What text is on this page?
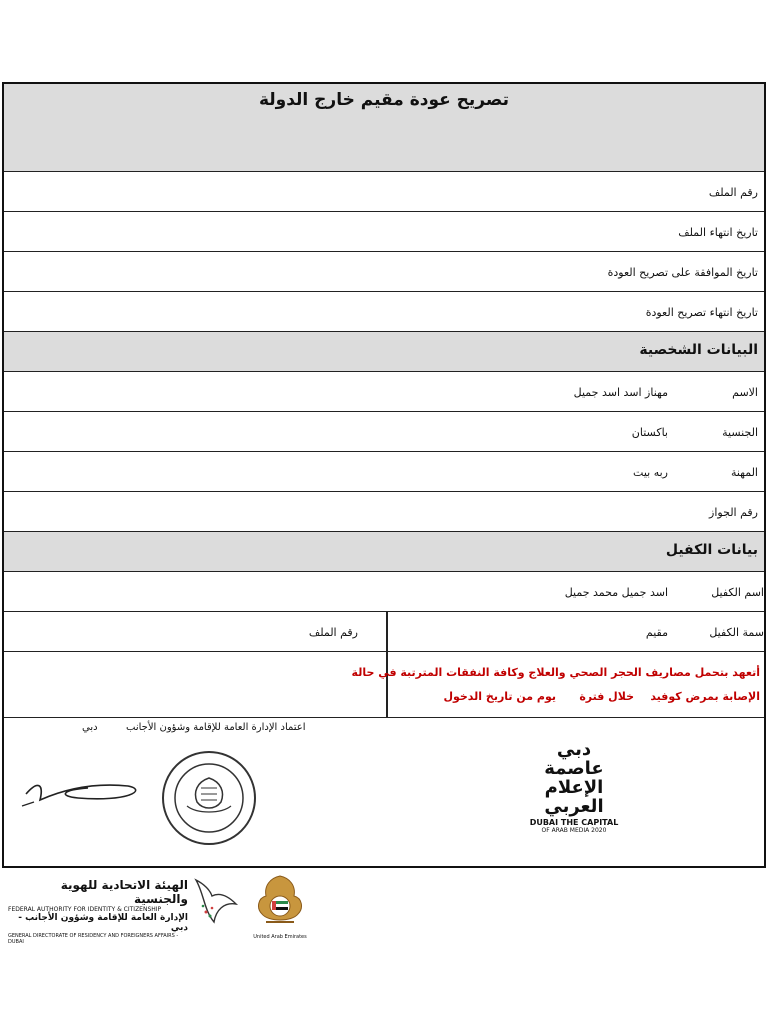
تصريح عودة مقيم خارج الدولة
رقم الملف
تاريخ انتهاء الملف
تاريخ الموافقة على تصريح العودة
تاريخ انتهاء تصريح العودة
البيانات الشخصية
الاسم
مهناز اسد اسد جميل
الجنسية
باكستان
المهنة
ربه بيت
رقم الجواز
بيانات الكفيل
اسم الكفيل
اسد جميل محمد جميل
سمة الكفيل
مقيم
رقم الملف
أتعهد بتحمل مصاريف الحجر الصحي والعلاج وكافة النفقات المترتبة في حالة
الإصابة بمرض كوفيد
خلال فترة
يوم من تاريخ الدخول
دبي	اعتماد الإدارة العامة للإقامة وشؤون الأجانب
دبي
عاصمة
الإعلام
العربي
DUBAI THE CAPITAL
OF ARAB MEDIA 2020
الهيئة الاتحادية للهوية والجنسية
FEDERAL AUTHORITY FOR IDENTITY & CITIZENSHIP
الإدارة العامة للإقامة وشؤون الأجانب - دبي
GENERAL DIRECTORATE OF RESIDENCY AND FOREIGNERS AFFAIRS - DUBAI
United Arab Emirates
